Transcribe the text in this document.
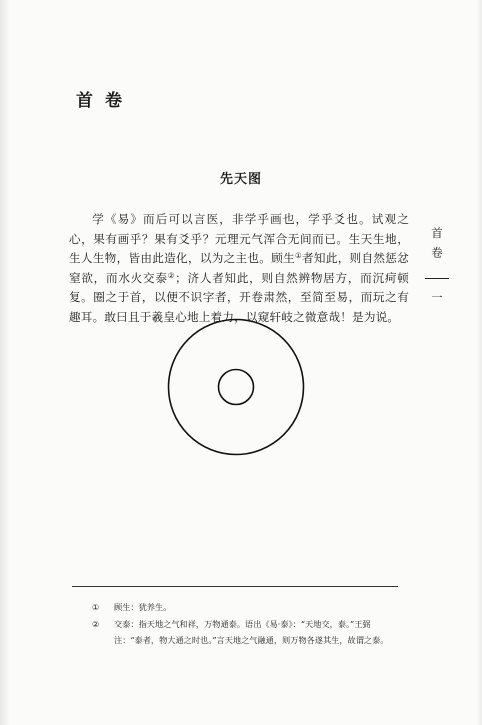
首卷
先天图

学《易》而后可以言医，非学乎画也，学乎爻也。试观之心，果有画乎？果有爻乎？元理元气浑合无间而已。生天生地，生人生物，皆由此造化，以为之主也。顾生①者知此，则自然惩忿窒欲，而水火交泰②；济人者知此，则自然辨物居方，而沉疴顿复。圈之于首，以便不识字者，开卷肃然，至简至易，而玩之有趣耳。敢曰且于羲皇心地上着力，以窥轩岐之微意哉！是为说。

首卷
一
①	顾生：犹养生。
②	交泰：指天地之气和祥，万物通泰。语出《易·泰》：“天地交，泰。”王弼注：“泰者，物大通之时也。”言天地之气融通，则万物各遂其生，故谓之泰。
